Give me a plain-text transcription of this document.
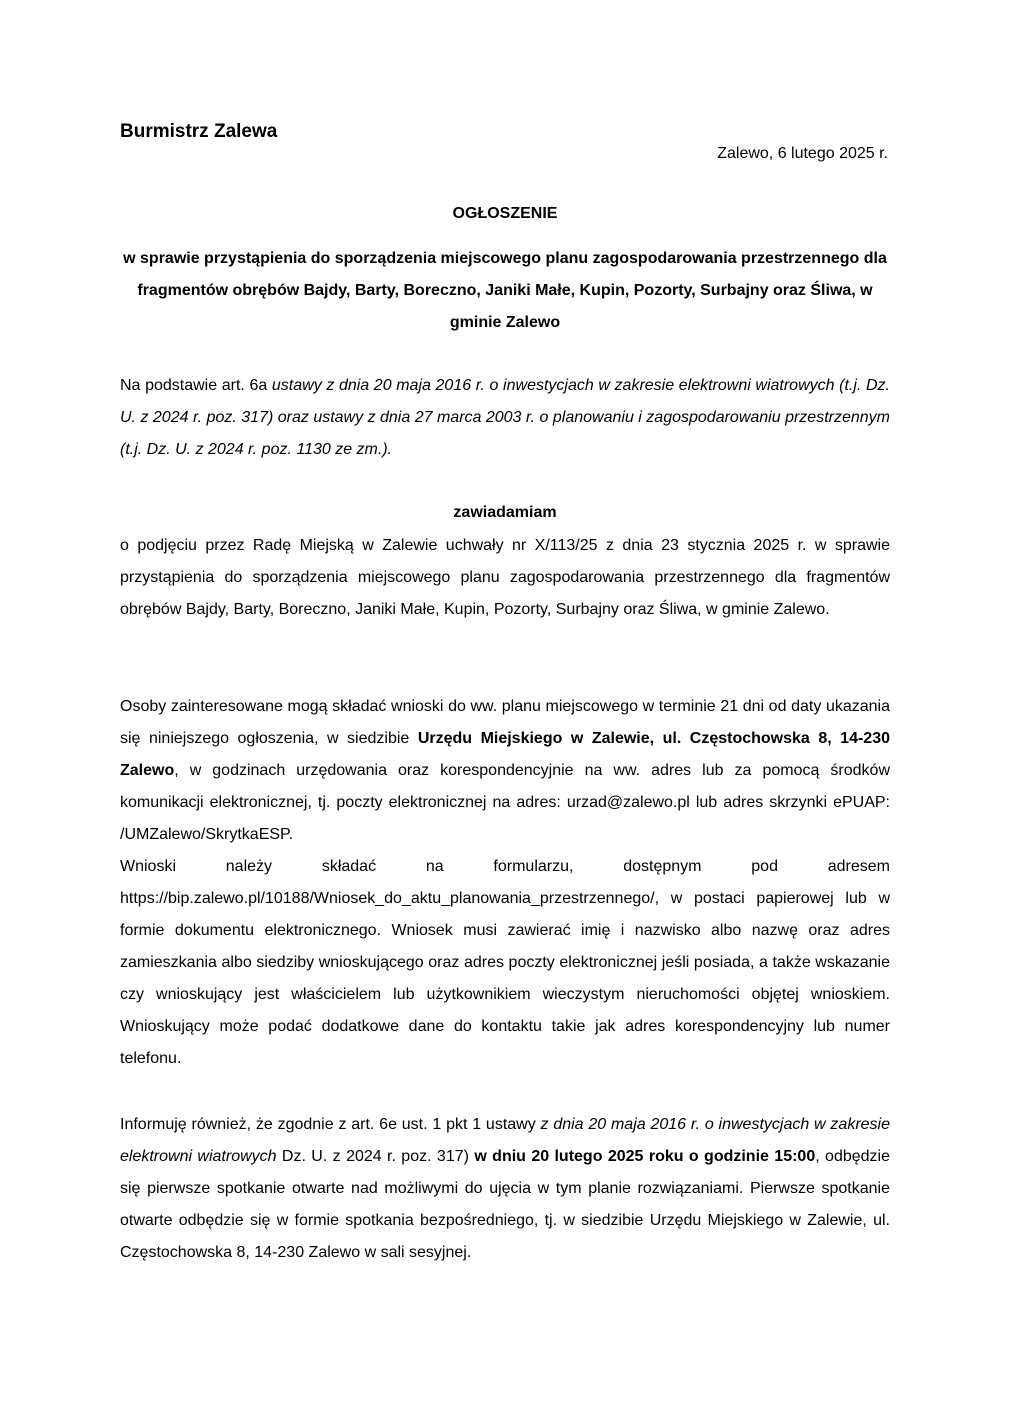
Burmistrz Zalewa
Zalewo, 6 lutego 2025 r.
OGŁOSZENIE
w sprawie przystąpienia do sporządzenia miejscowego planu zagospodarowania przestrzennego dla fragmentów obrębów Bajdy, Barty, Boreczno, Janiki Małe, Kupin, Pozorty, Surbajny oraz Śliwa, w gminie Zalewo

Na podstawie art. 6a ustawy z dnia 20 maja 2016 r. o inwestycjach w zakresie elektrowni wiatrowych (t.j. Dz. U. z 2024 r. poz. 317) oraz ustawy z dnia 27 marca 2003 r. o planowaniu i zagospodarowaniu przestrzennym (t.j. Dz. U. z 2024 r. poz. 1130 ze zm.).

zawiadamiam

o podjęciu przez Radę Miejską w Zalewie uchwały nr X/113/25 z dnia 23 stycznia 2025 r. w sprawie przystąpienia do sporządzenia miejscowego planu zagospodarowania przestrzennego dla fragmentów obrębów Bajdy, Barty, Boreczno, Janiki Małe, Kupin, Pozorty, Surbajny oraz Śliwa, w gminie Zalewo.

Osoby zainteresowane mogą składać wnioski do ww. planu miejscowego w terminie 21 dni od daty ukazania się niniejszego ogłoszenia, w siedzibie Urzędu Miejskiego w Zalewie, ul. Częstochowska 8, 14-230 Zalewo, w godzinach urzędowania oraz korespondencyjnie na ww. adres lub za pomocą środków komunikacji elektronicznej, tj. poczty elektronicznej na adres: urzad@zalewo.pl lub adres skrzynki ePUAP: /UMZalewo/SkrytkaESP.

Wnioski należy składać na formularzu, dostępnym pod adresem https://bip.zalewo.pl/10188/Wniosek_do_aktu_planowania_przestrzennego/, w postaci papierowej lub w formie dokumentu elektronicznego. Wniosek musi zawierać imię i nazwisko albo nazwę oraz adres zamieszkania albo siedziby wnioskującego oraz adres poczty elektronicznej jeśli posiada, a także wskazanie czy wnioskujący jest właścicielem lub użytkownikiem wieczystym nieruchomości objętej wnioskiem. Wnioskujący może podać dodatkowe dane do kontaktu takie jak adres korespondencyjny lub numer telefonu.

Informuję również, że zgodnie z art. 6e ust. 1 pkt 1 ustawy z dnia 20 maja 2016 r. o inwestycjach w zakresie elektrowni wiatrowych Dz. U. z 2024 r. poz. 317) w dniu 20 lutego 2025 roku o godzinie 15:00, odbędzie się pierwsze spotkanie otwarte nad możliwymi do ujęcia w tym planie rozwiązaniami. Pierwsze spotkanie otwarte odbędzie się w formie spotkania bezpośredniego, tj. w siedzibie Urzędu Miejskiego w Zalewie, ul. Częstochowska 8, 14-230 Zalewo w sali sesyjnej.
